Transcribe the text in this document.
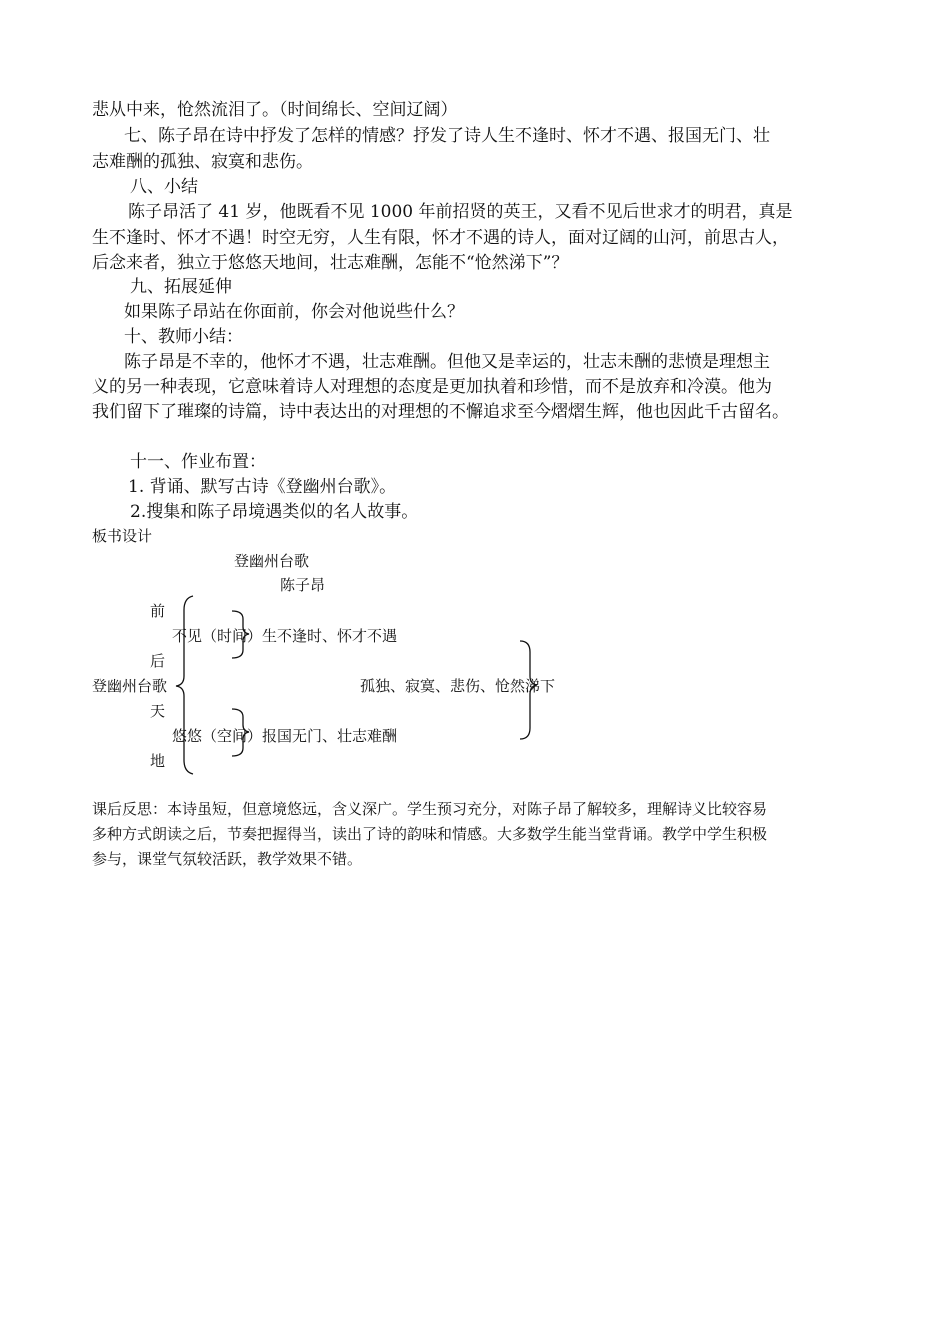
悲从中来，怆然流泪了。（时间绵长、空间辽阔）
七、陈子昂在诗中抒发了怎样的情感？抒发了诗人生不逢时、怀才不遇、报国无门、壮
志难酬的孤独、寂寞和悲伤。
八、小结
陈子昂活了 41 岁，他既看不见 1000 年前招贤的英王，又看不见后世求才的明君，真是
生不逢时、怀才不遇！时空无穷，人生有限，怀才不遇的诗人，面对辽阔的山河，前思古人，
后念来者，独立于悠悠天地间，壮志难酬，怎能不“怆然涕下”？
九、拓展延伸
如果陈子昂站在你面前，你会对他说些什么？
十、教师小结：
陈子昂是不幸的，他怀才不遇，壮志难酬。但他又是幸运的，壮志未酬的悲愤是理想主
义的另一种表现，它意味着诗人对理想的态度是更加执着和珍惜，而不是放弃和冷漠。他为
我们留下了璀璨的诗篇，诗中表达出的对理想的不懈追求至今熠熠生辉，他也因此千古留名。
十一、作业布置：
1. 背诵、默写古诗《登幽州台歌》。
2.搜集和陈子昂境遇类似的名人故事。
板书设计
登幽州台歌
陈子昂
前
不见（时间）生不逢时、怀才不遇
后
登幽州台歌	孤独、寂寞、悲伤、怆然涕下
天
悠悠（空间）报国无门、壮志难酬
地
课后反思：本诗虽短，但意境悠远，含义深广。学生预习充分，对陈子昂了解较多，理解诗义比较容易
多种方式朗读之后，节奏把握得当，读出了诗的韵味和情感。大多数学生能当堂背诵。教学中学生积极
参与，课堂气氛较活跃，教学效果不错。
